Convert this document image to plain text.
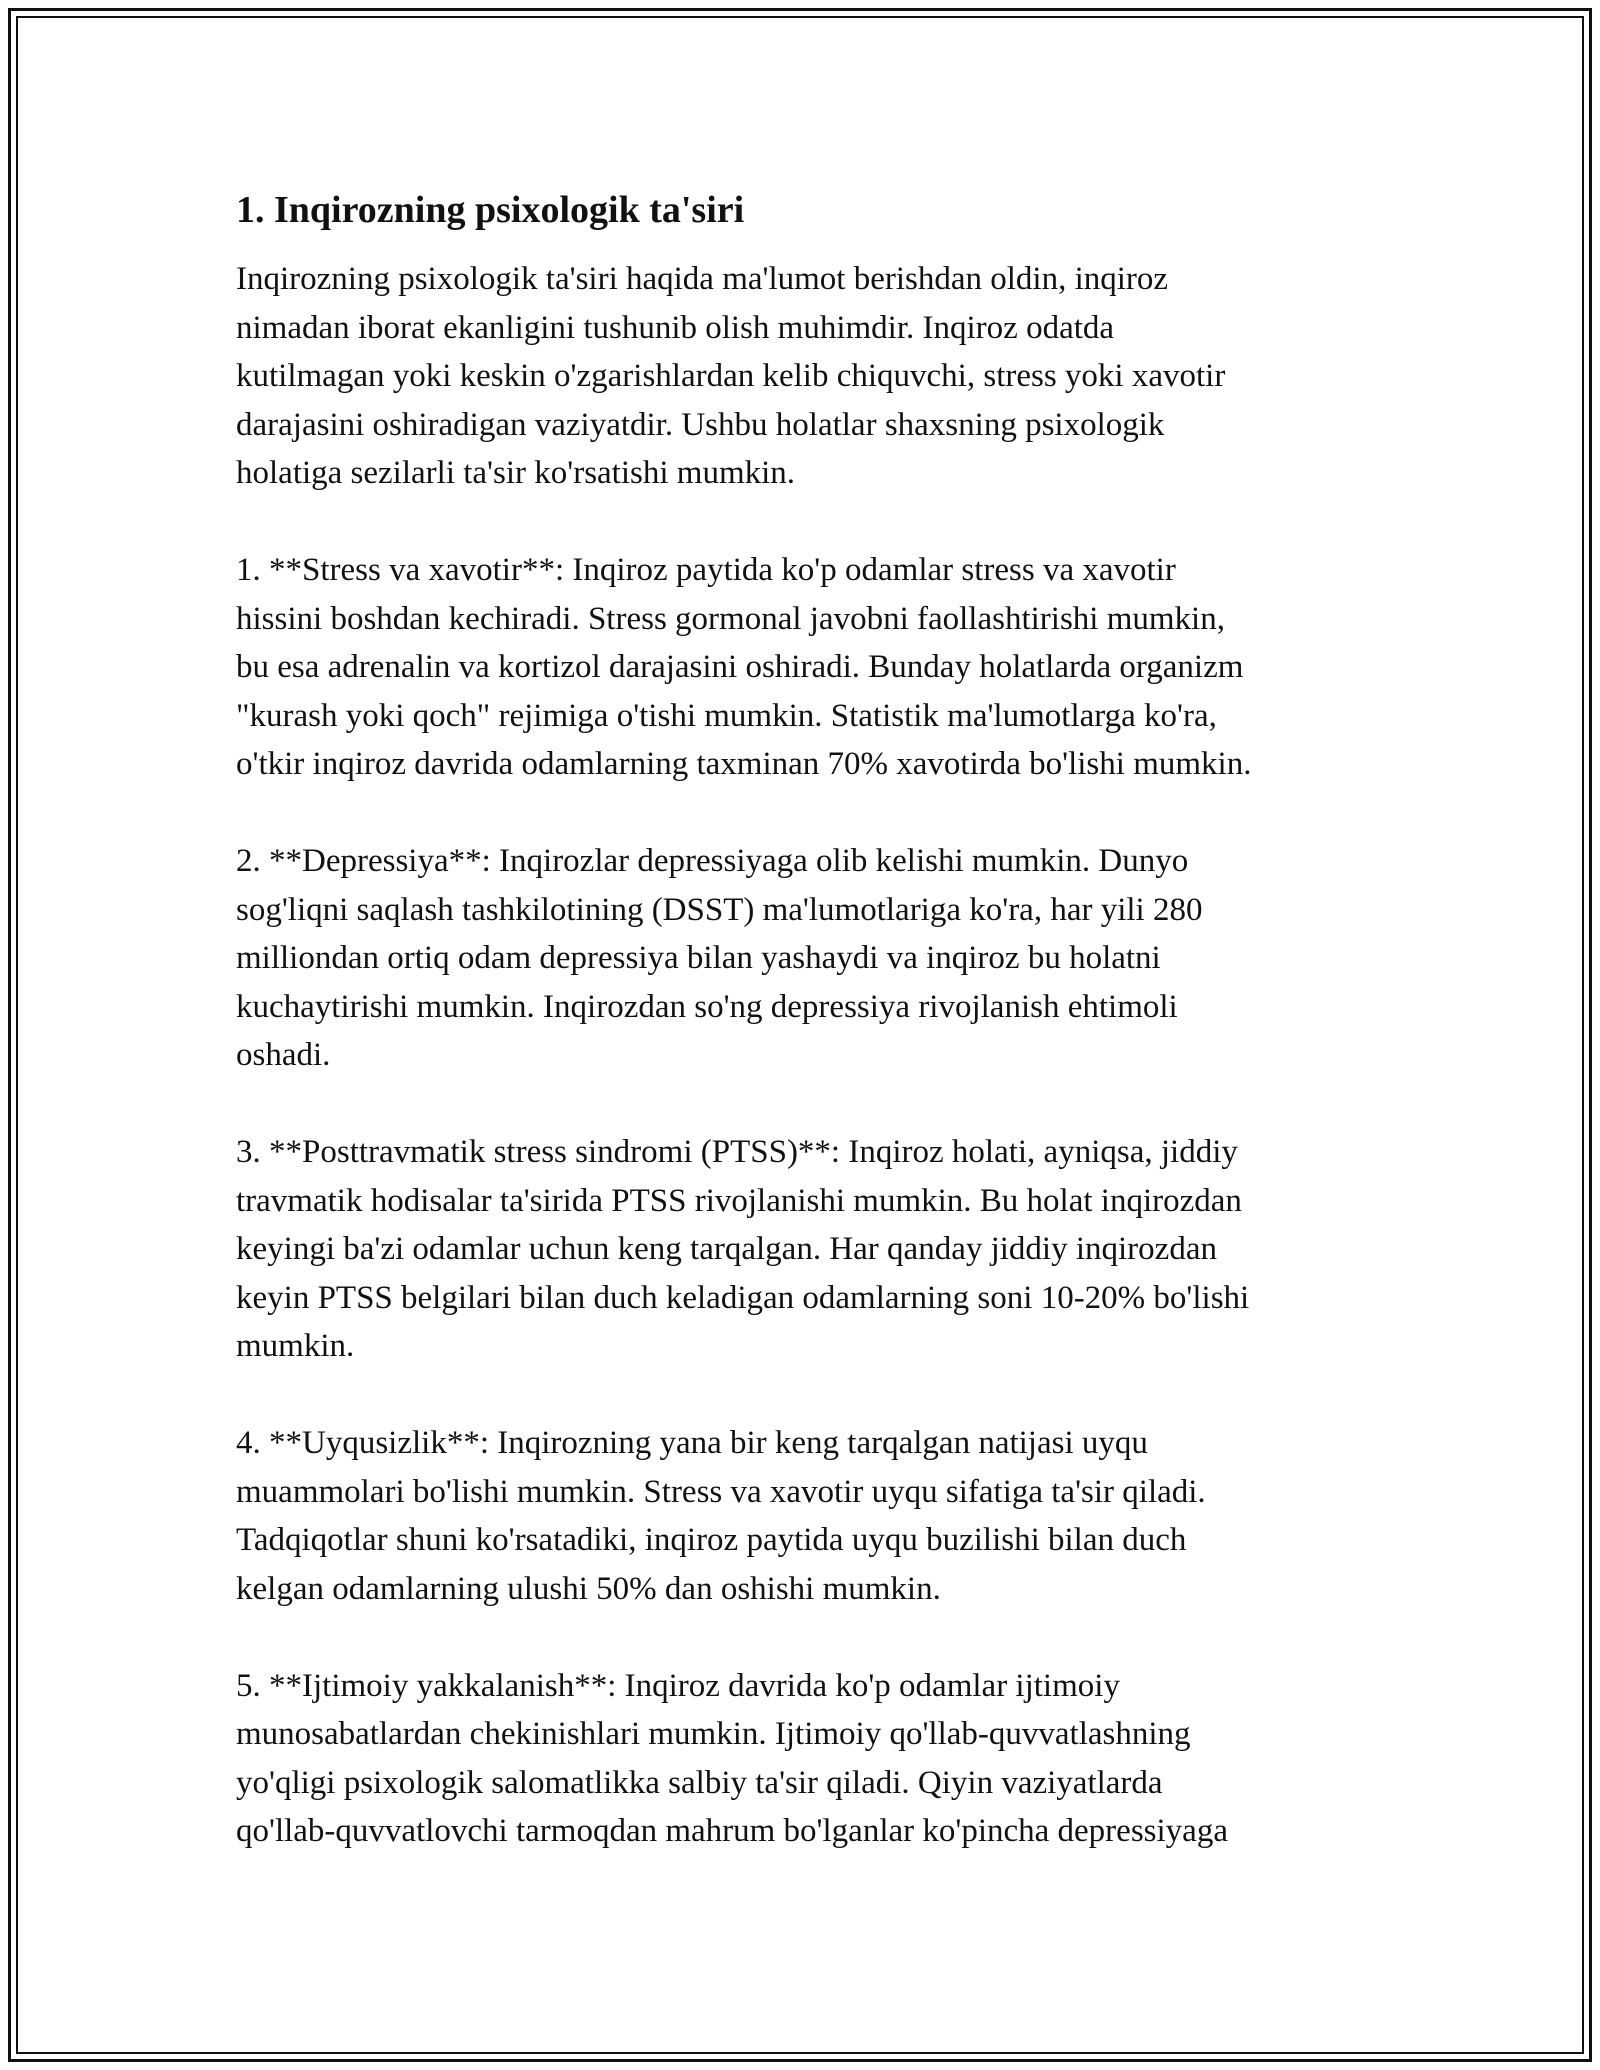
1. Inqirozning psixologik ta'siri
Inqirozning psixologik ta'siri haqida ma'lumot berishdan oldin, inqiroz
nimadan iborat ekanligini tushunib olish muhimdir. Inqiroz odatda
kutilmagan yoki keskin o'zgarishlardan kelib chiquvchi, stress yoki xavotir
darajasini oshiradigan vaziyatdir. Ushbu holatlar shaxsning psixologik
holatiga sezilarli ta'sir ko'rsatishi mumkin.
1. **Stress va xavotir**: Inqiroz paytida ko'p odamlar stress va xavotir
hissini boshdan kechiradi. Stress gormonal javobni faollashtirishi mumkin,
bu esa adrenalin va kortizol darajasini oshiradi. Bunday holatlarda organizm
"kurash yoki qoch" rejimiga o'tishi mumkin. Statistik ma'lumotlarga ko'ra,
o'tkir inqiroz davrida odamlarning taxminan 70% xavotirda bo'lishi mumkin.
2. **Depressiya**: Inqirozlar depressiyaga olib kelishi mumkin. Dunyo
sog'liqni saqlash tashkilotining (DSST) ma'lumotlariga ko'ra, har yili 280
milliondan ortiq odam depressiya bilan yashaydi va inqiroz bu holatni
kuchaytirishi mumkin. Inqirozdan so'ng depressiya rivojlanish ehtimoli
oshadi.
3. **Posttravmatik stress sindromi (PTSS)**: Inqiroz holati, ayniqsa, jiddiy
travmatik hodisalar ta'sirida PTSS rivojlanishi mumkin. Bu holat inqirozdan
keyingi ba'zi odamlar uchun keng tarqalgan. Har qanday jiddiy inqirozdan
keyin PTSS belgilari bilan duch keladigan odamlarning soni 10-20% bo'lishi
mumkin.
4. **Uyqusizlik**: Inqirozning yana bir keng tarqalgan natijasi uyqu
muammolari bo'lishi mumkin. Stress va xavotir uyqu sifatiga ta'sir qiladi.
Tadqiqotlar shuni ko'rsatadiki, inqiroz paytida uyqu buzilishi bilan duch
kelgan odamlarning ulushi 50% dan oshishi mumkin.
5. **Ijtimoiy yakkalanish**: Inqiroz davrida ko'p odamlar ijtimoiy
munosabatlardan chekinishlari mumkin. Ijtimoiy qo'llab-quvvatlashning
yo'qligi psixologik salomatlikka salbiy ta'sir qiladi. Qiyin vaziyatlarda
qo'llab-quvvatlovchi tarmoqdan mahrum bo'lganlar ko'pincha depressiyaga
